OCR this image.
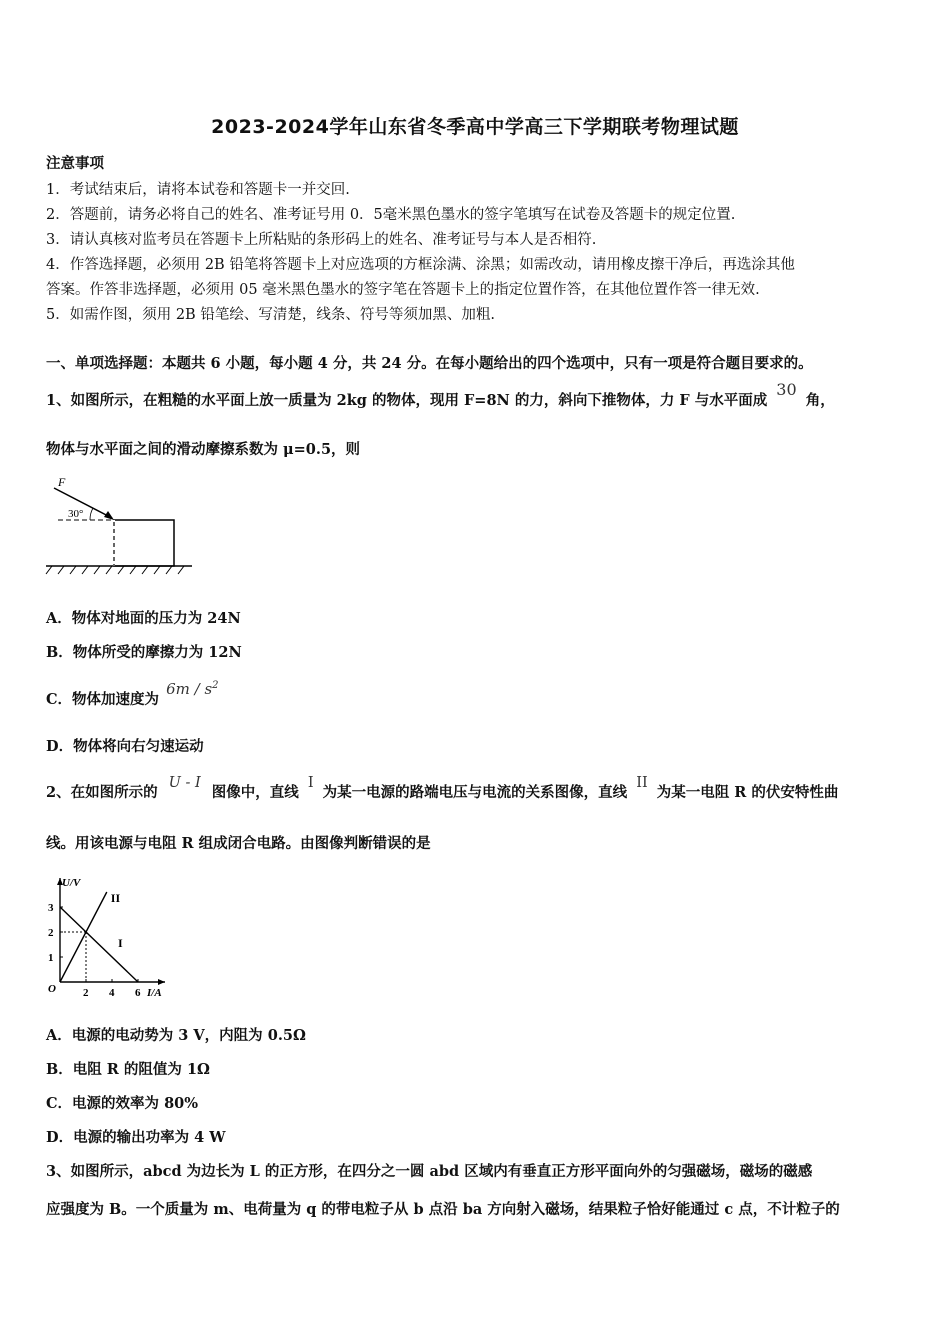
2023-2024学年山东省冬季高中学高三下学期联考物理试题
注意事项
1．考试结束后，请将本试卷和答题卡一并交回.
2．答题前，请务必将自己的姓名、准考证号用 0．5毫米黑色墨水的签字笔填写在试卷及答题卡的规定位置.
3．请认真核对监考员在答题卡上所粘贴的条形码上的姓名、准考证号与本人是否相符.
4．作答选择题，必须用 2B 铅笔将答题卡上对应选项的方框涂满、涂黑；如需改动，请用橡皮擦干净后，再选涂其他
答案。作答非选择题，必须用 05 毫米黑色墨水的签字笔在答题卡上的指定位置作答，在其他位置作答一律无效.
5．如需作图，须用 2B 铅笔绘、写清楚，线条、符号等须加黑、加粗.
一、单项选择题：本题共 6 小题，每小题 4 分，共 24 分。在每小题给出的四个选项中，只有一项是符合题目要求的。
1、如图所示，在粗糙的水平面上放一质量为 2kg 的物体，现用 F=8N 的力，斜向下推物体，力 F 与水平面成 30 角，
物体与水平面之间的滑动摩擦系数为 μ=0.5，则
F
30°
A．物体对地面的压力为 24N
B．物体所受的摩擦力为 12N
C．物体加速度为 $6m / s^2$
D．物体将向右匀速运动
2、在如图所示的 U - I 图像中，直线 I 为某一电源的路端电压与电流的关系图像，直线 II 为某一电阻 R 的伏安特性曲
线。用该电源与电阻 R 组成闭合电路。由图像判断错误的是
U/V
I/A
O 2 4 6
1
2
3
I
II
A．电源的电动势为 3 V，内阻为 0.5Ω
B．电阻 R 的阻值为 1Ω
C．电源的效率为 80%
D．电源的输出功率为 4 W
3、如图所示，abcd 为边长为 L 的正方形，在四分之一圆 abd 区域内有垂直正方形平面向外的匀强磁场，磁场的磁感
应强度为 B。一个质量为 m、电荷量为 q 的带电粒子从 b 点沿 ba 方向射入磁场，结果粒子恰好能通过 c 点，不计粒子的
